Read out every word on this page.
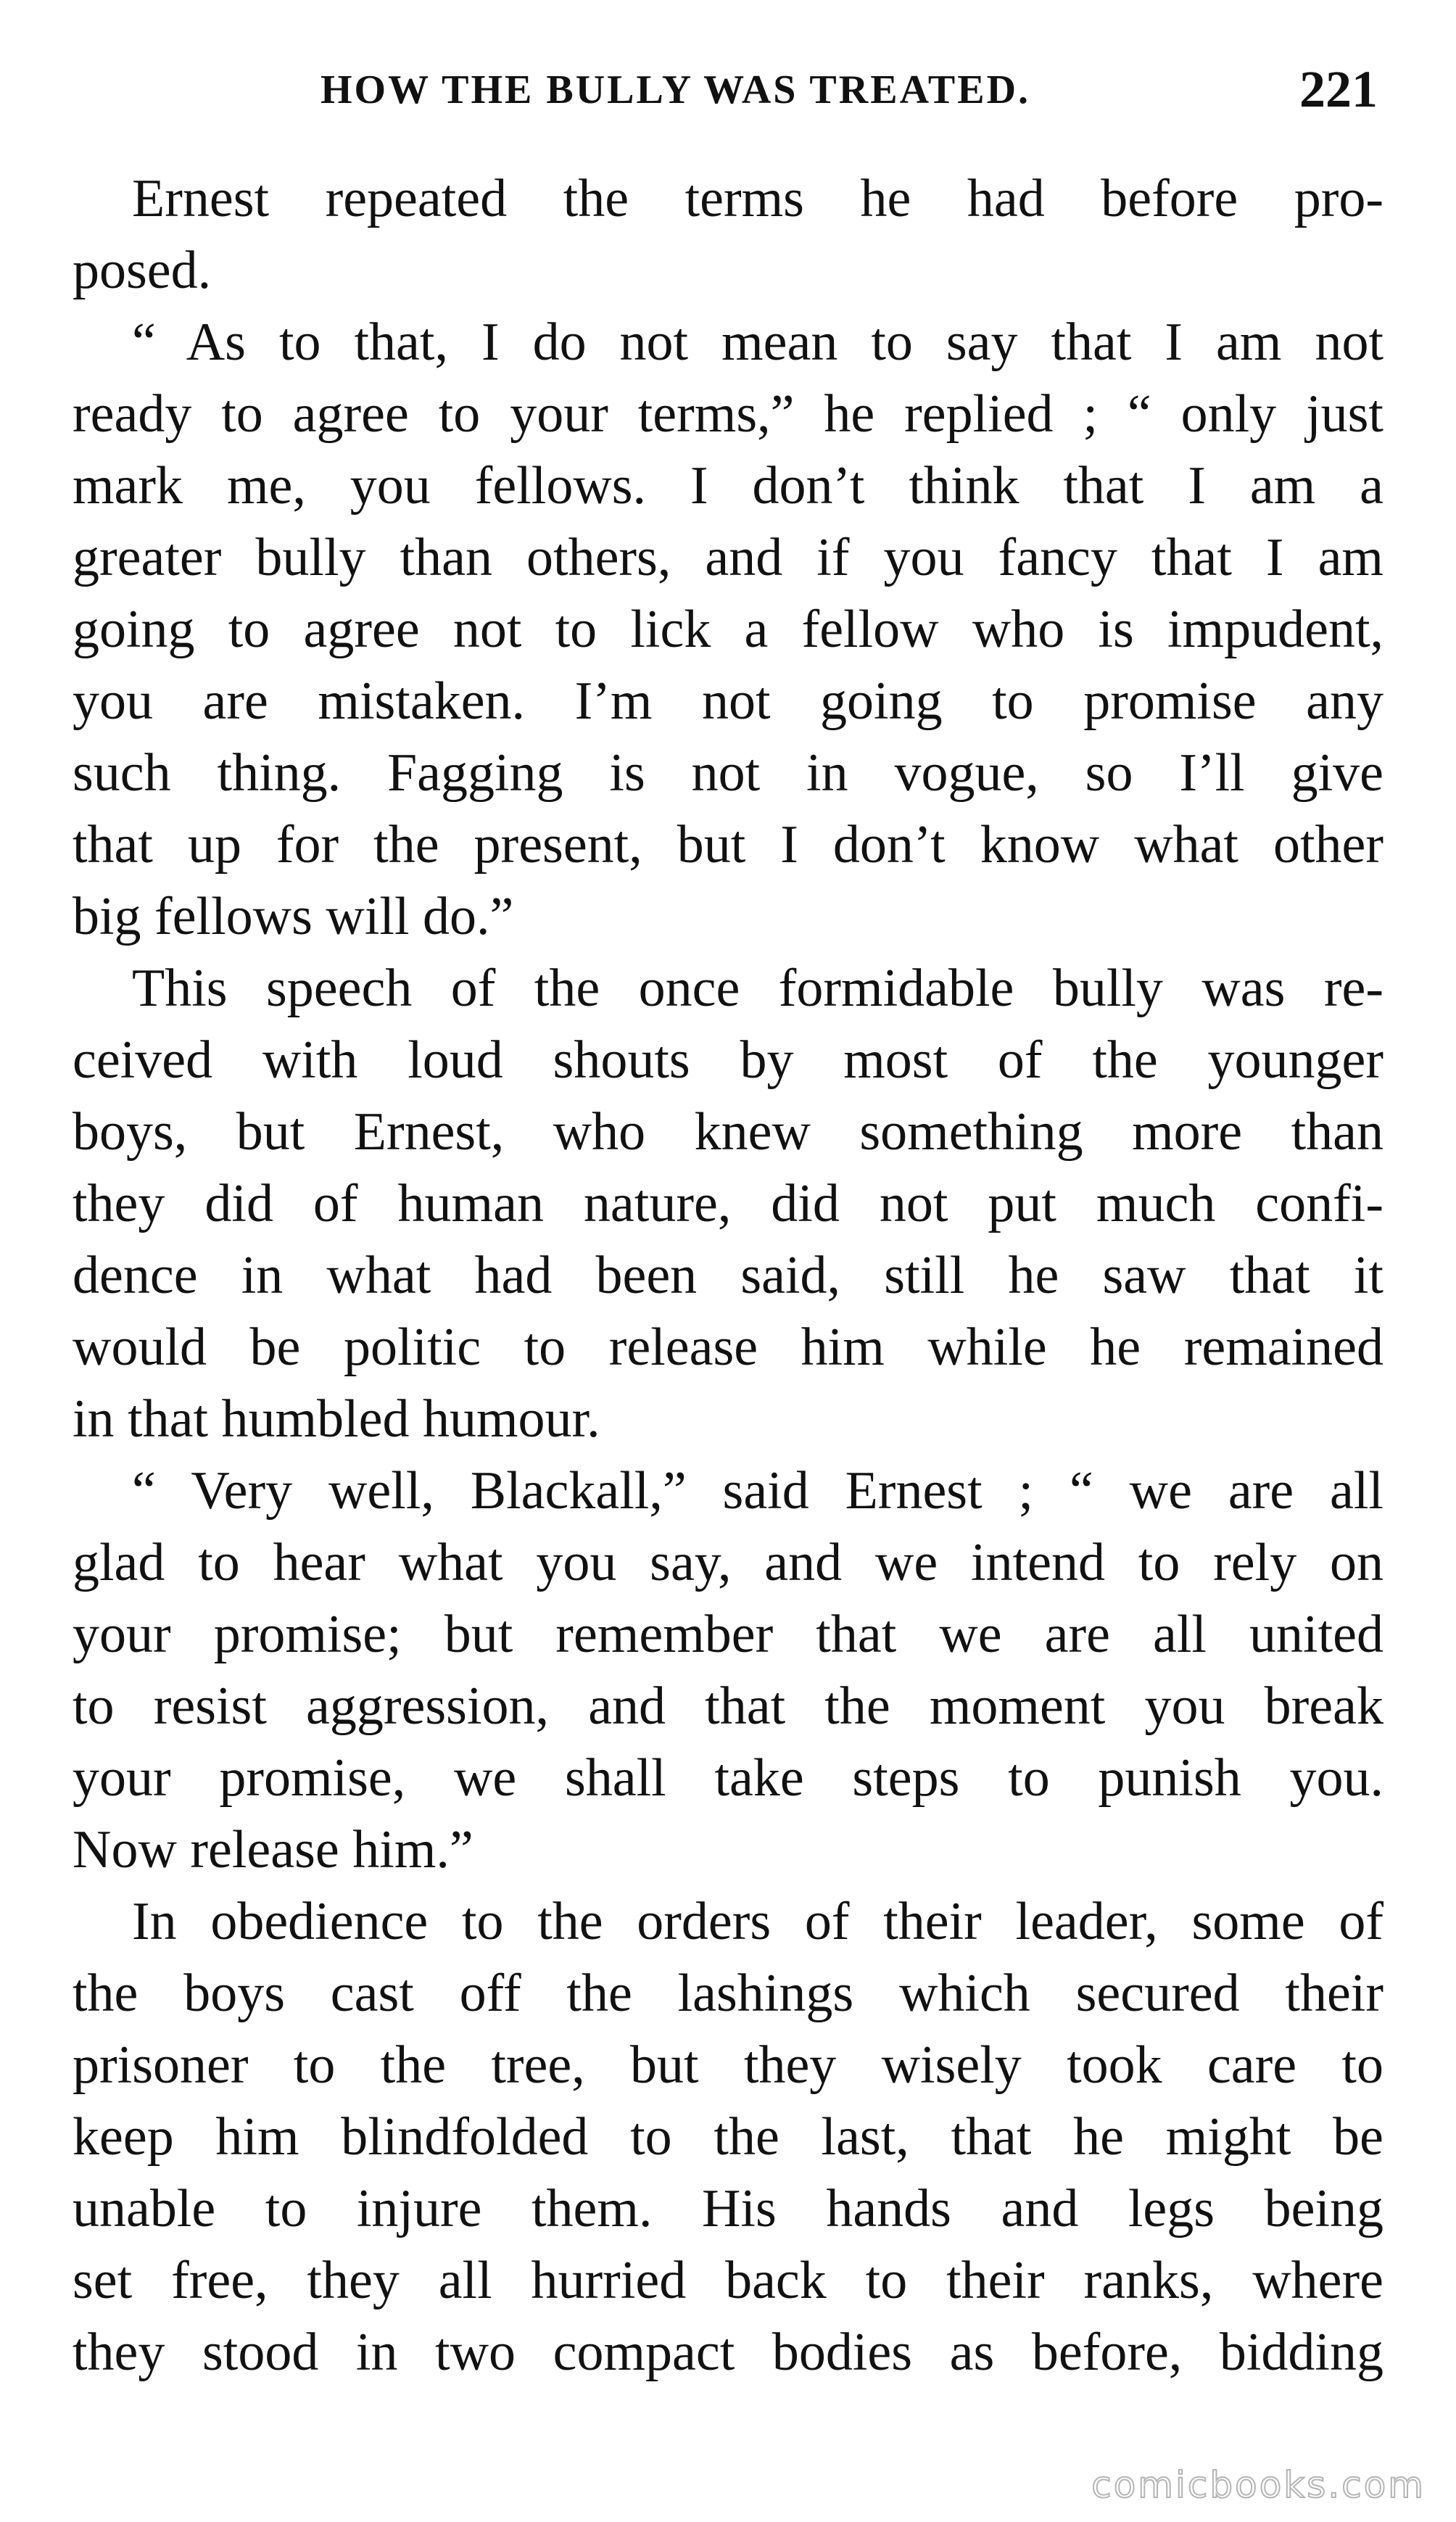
HOW THE BULLY WAS TREATED.	221
Ernest repeated the terms he had before pro-
posed.
“ As to that, I do not mean to say that I am not
ready to agree to your terms,” he replied ; “ only just
mark me, you fellows. I don’t think that I am a
greater bully than others, and if you fancy that I am
going to agree not to lick a fellow who is impudent,
you are mistaken. I’m not going to promise any
such thing. Fagging is not in vogue, so I’ll give
that up for the present, but I don’t know what other
big fellows will do.”
This speech of the once formidable bully was re-
ceived with loud shouts by most of the younger
boys, but Ernest, who knew something more than
they did of human nature, did not put much confi-
dence in what had been said, still he saw that it
would be politic to release him while he remained
in that humbled humour.
“ Very well, Blackall,” said Ernest ; “ we are all
glad to hear what you say, and we intend to rely on
your promise; but remember that we are all united
to resist aggression, and that the moment you break
your promise, we shall take steps to punish you.
Now release him.”
In obedience to the orders of their leader, some of
the boys cast off the lashings which secured their
prisoner to the tree, but they wisely took care to
keep him blindfolded to the last, that he might be
unable to injure them. His hands and legs being
set free, they all hurried back to their ranks, where
they stood in two compact bodies as before, bidding
comicbooks.com
